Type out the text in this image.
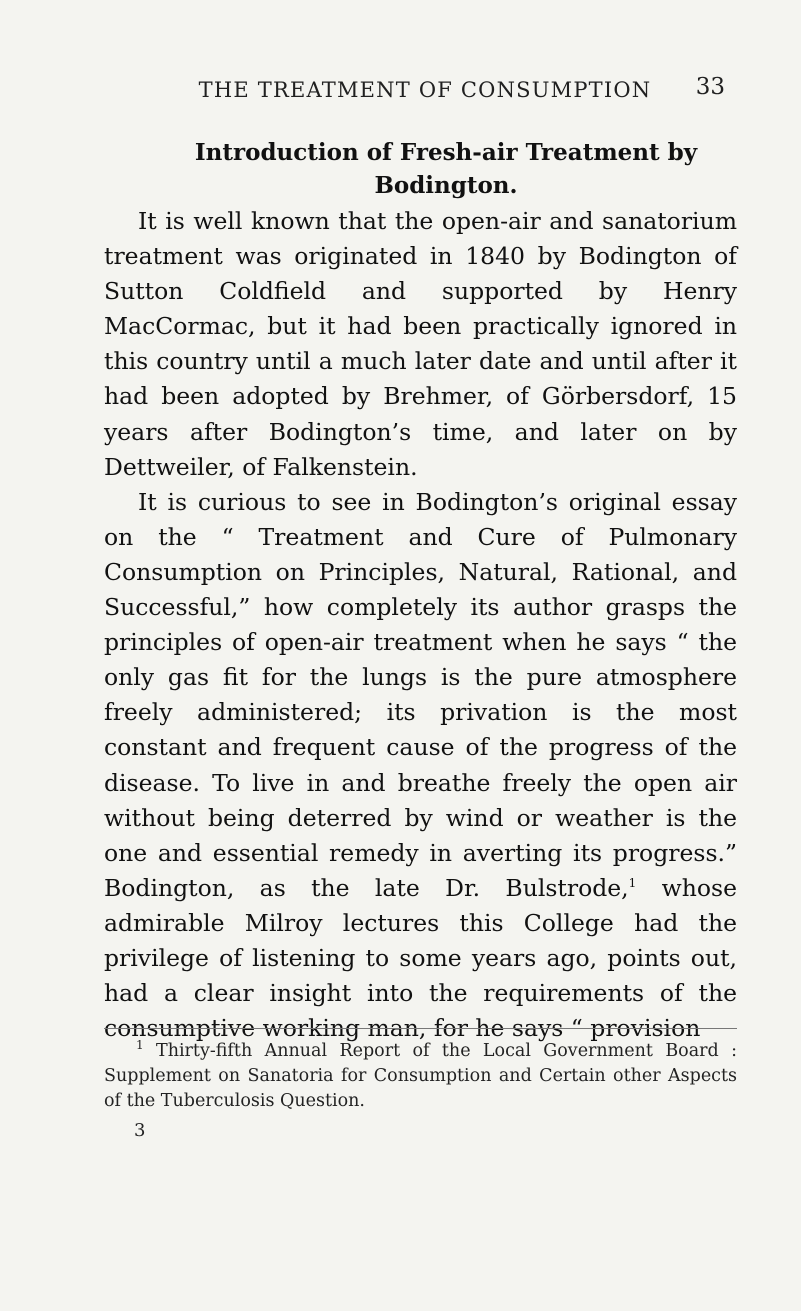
THE TREATMENT OF CONSUMPTION	33
Introduction of Fresh-air Treatment by Bodington.

It is well known that the open-air and sanatorium treatment was originated in 1840 by Bodington of Sutton Coldfield and supported by Henry MacCormac, but it had been practically ignored in this country until a much later date and until after it had been adopted by Brehmer, of Görbersdorf, 15 years after Bodington’s time, and later on by Dettweiler, of Falkenstein.

It is curious to see in Bodington’s original essay on the “ Treatment and Cure of Pulmonary Consumption on Principles, Natural, Rational, and Successful,” how completely its author grasps the principles of open-air treatment when he says “ the only gas fit for the lungs is the pure atmosphere freely administered; its privation is the most constant and frequent cause of the progress of the disease. To live in and breathe freely the open air without being deterred by wind or weather is the one and essential remedy in averting its progress.” Bodington, as the late Dr. Bulstrode,$^1$ whose admirable Milroy lectures this College had the privilege of listening to some years ago, points out, had a clear insight into the requirements of the consumptive working man, for he says “ provision

$^1$ Thirty-fifth Annual Report of the Local Government Board : Supplement on Sanatoria for Consumption and Certain other Aspects of the Tuberculosis Question.

3
